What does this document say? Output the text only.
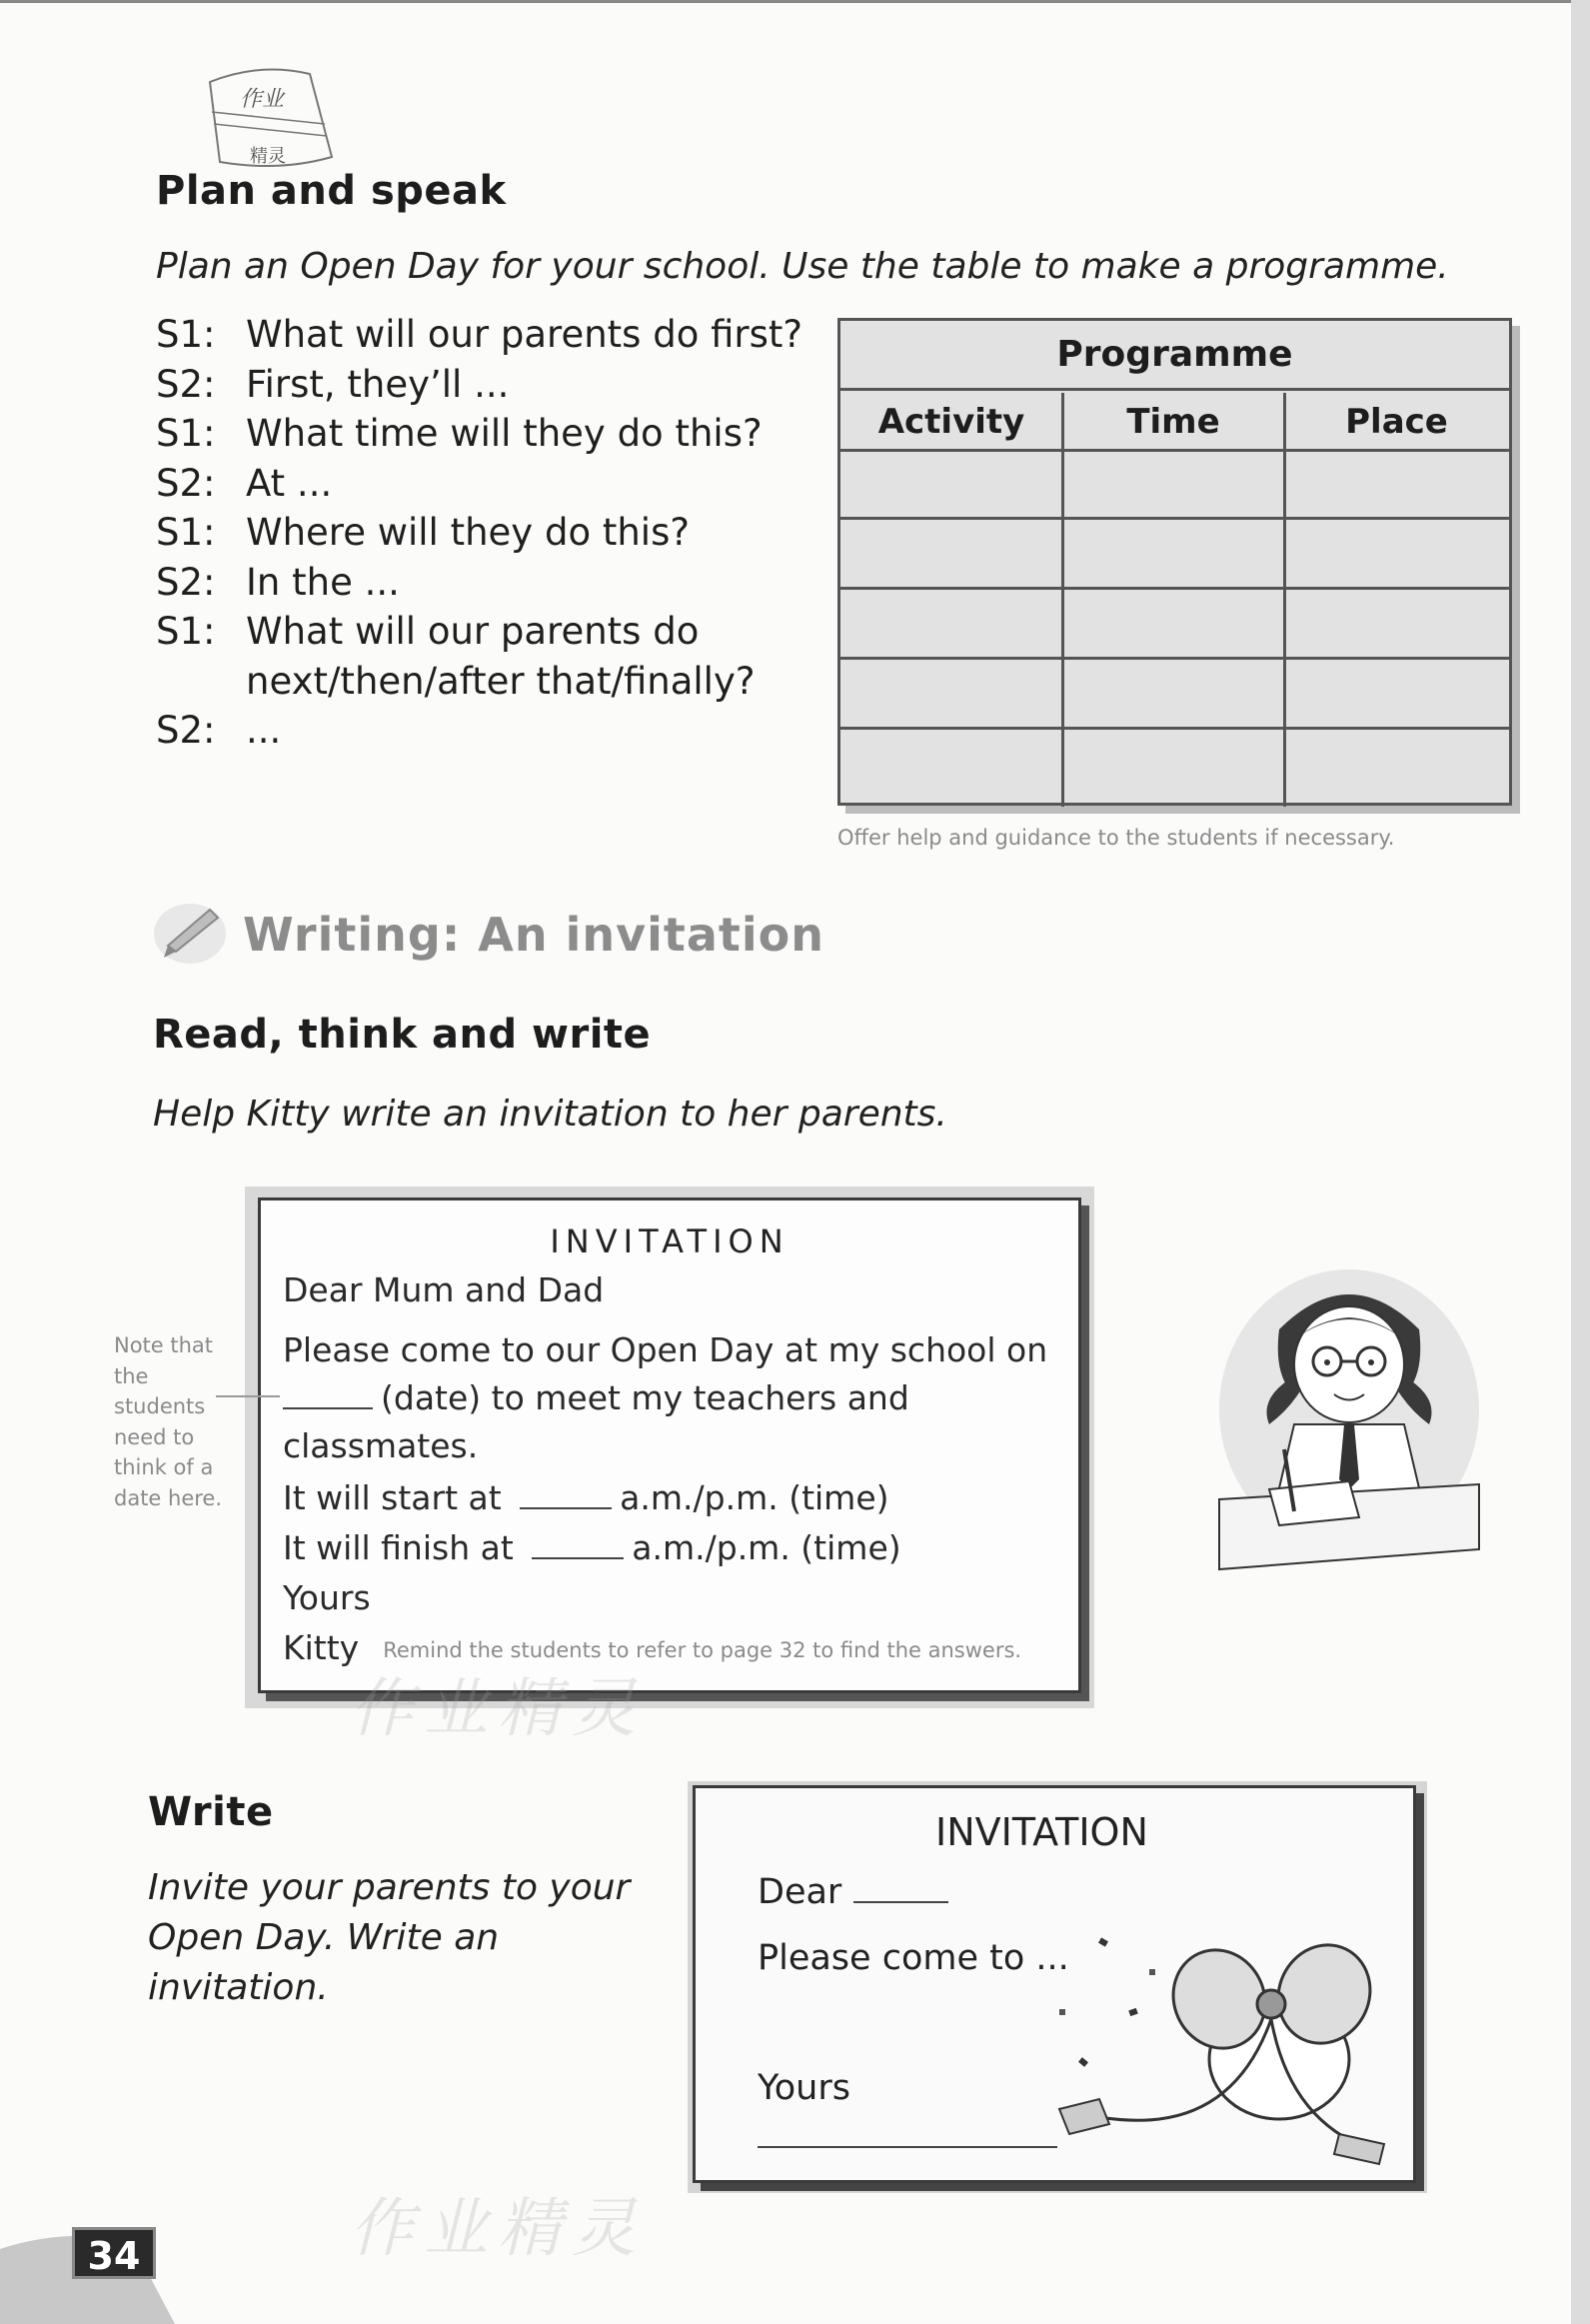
作业
精灵
Plan and speak
Plan an Open Day for your school. Use the table to make a programme.
S1: What will our parents do first?
S2: First, they’ll ...
S1: What time will they do this?
S2: At ...
S1: Where will they do this?
S2: In the ...
S1: What will our parents do
next/then/after that/finally?
S2: ...
Programme
Activity	Time	Place
Offer help and guidance to the students if necessary.
Writing: An invitation
Read, think and write
Help Kitty write an invitation to her parents.
INVITATION
Dear Mum and Dad
Please come to our Open Day at my school on
(date) to meet my teachers and
classmates.
It will start at	a.m./p.m. (time)
It will finish at	a.m./p.m. (time)
Yours
Kitty Remind the students to refer to page 32 to find the answers.
Note that the students need to think of a date here.
Write
Invite your parents to your
Open Day. Write an
invitation.
INVITATION
Dear
Please come to ...
Yours
作业精灵
作业精灵
34
